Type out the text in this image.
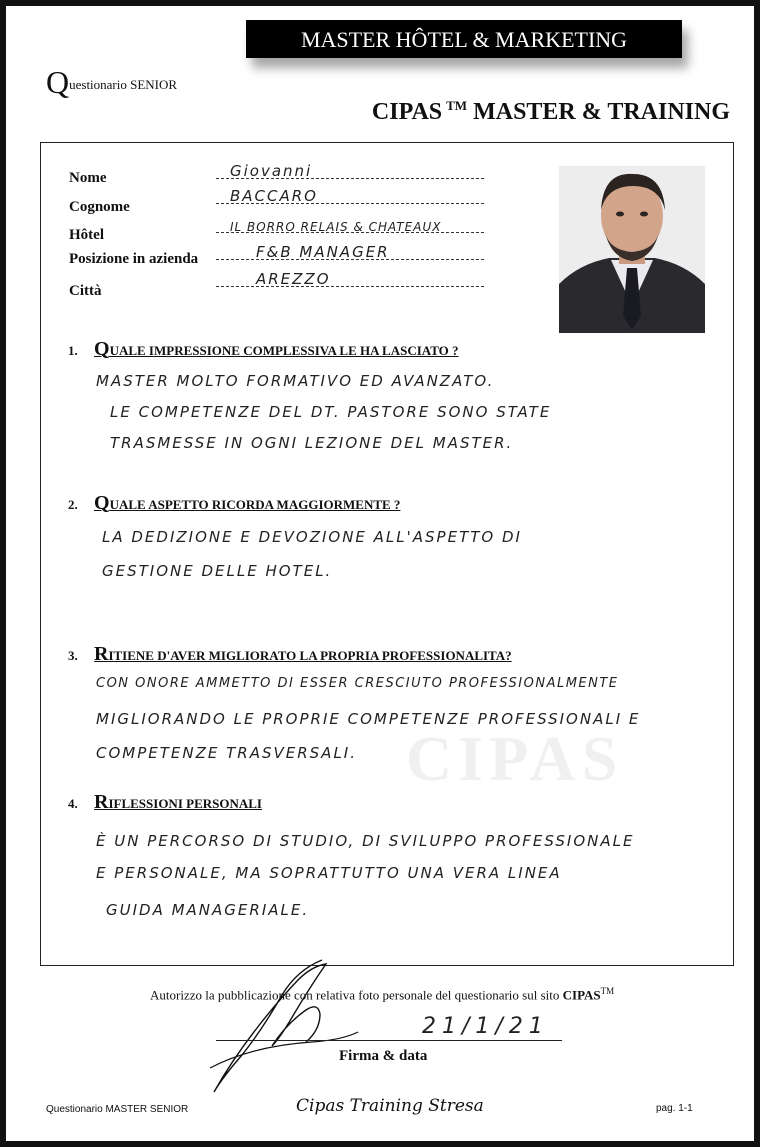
MASTER HÔTEL & MARKETING
Questionario SENIOR
CIPAS ™ MASTER & TRAINING
CIPAS
Nome
Cognome
Hôtel
Posizione in azienda
Città
Giovanni
BACCARO
IL BORRO RELAIS & CHATEAUX
F&B MANAGER
AREZZO
1. QUALE IMPRESSIONE COMPLESSIVA LE HA LASCIATO ?
MASTER MOLTO FORMATIVO ED AVANZATO.
LE COMPETENZE DEL DT. PASTORE SONO STATE
TRASMESSE IN OGNI LEZIONE DEL MASTER.
2. QUALE ASPETTO RICORDA MAGGIORMENTE ?
LA DEDIZIONE E DEVOZIONE ALL'ASPETTO DI
GESTIONE DELLE HOTEL.
3. RITIENE D'AVER MIGLIORATO LA PROPRIA PROFESSIONALITA?
CON ONORE AMMETTO DI ESSER CRESCIUTO PROFESSIONALMENTE
MIGLIORANDO LE PROPRIE COMPETENZE PROFESSIONALI E
COMPETENZE TRASVERSALI.
4. RIFLESSIONI PERSONALI
È UN PERCORSO DI STUDIO, DI SVILUPPO PROFESSIONALE
E PERSONALE, MA SOPRATTUTTO UNA VERA LINEA
GUIDA MANAGERIALE.
Autorizzo la pubblicazione con relativa foto personale del questionario sul sito CIPAS™
21/1/21
Firma & data
Questionario MASTER SENIOR	Cipas Training Stresa	pag. 1-1
